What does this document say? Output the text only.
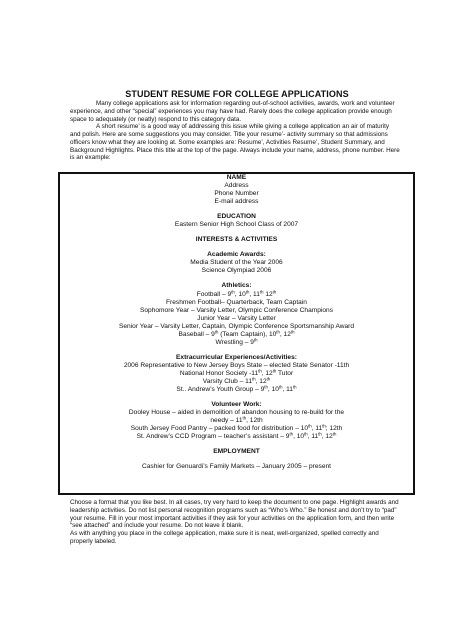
STUDENT RESUME FOR COLLEGE APPLICATIONS

Many college applications ask for information regarding out-of-school activities, awards, work and volunteer experience, and other “special” experiences you may have had. Rarely does the college application provide enough space to adequately (or neatly) respond to this category data.

A short resume’ is a good way of addressing this issue while giving a college application an air of maturity and polish. Here are some suggestions you may consider. Title your resume’- activity summary so that admissions officers know what they are looking at. Some examples are: Resume’, Activities Resume’, Student Summary, and Background Highlights. Place this title at the top of the page. Always include your name, address, phone number. Here is an example:

NAME
Address
Phone Number
E-mail address
EDUCATION
Eastern Senior High School Class of 2007
INTERESTS & ACTIVITIES
Academic Awards:
Media Student of the Year 2006
Science Olympiad 2006
Athletics:
Football – 9th, 10th, 11th 12th
Freshmen Football– Quarterback, Team Captain
Sophomore Year – Varsity Letter, Olympic Conference Champions
Junior Year – Varsity Letter
Senior Year – Varsity Letter, Captain, Olympic Conference Sportsmanship Award
Baseball – 9th (Team Captain), 10th, 12th
Wrestling – 9th
Extracurricular Experiences/Activities:
2006 Representative to New Jersey Boys State – elected State Senator -11th
National Honor Society -11th, 12th Tutor
Varsity Club – 11th, 12th
St.. Andrew’s Youth Group – 9th, 10th, 11th
Volunteer Work:
Dooley House – aided in demolition of abandon housing to re-build for the
needy – 11th, 12th
South Jersey Food Pantry – packed food for distribution – 10th, 11th; 12th
St. Andrew’s CCD Program – teacher’s assistant – 9th, 10th, 11th, 12th
EMPLOYMENT
Cashier for Genuardi’s Family Markets – January 2005 – present
Choose a format that you like best. In all cases, try very hard to keep the document to one page. Highlight awards and leadership activities. Do not list personal recognition programs such as “Who’s Who.” Be honest and don’t try to “pad” your resume. Fill in your most important activities if they ask for your activities on the application form, and then write “see attached” and include your resume. Do not leave it blank.
As with anything you place in the college application, make sure it is neat, well-organized, spelled correctly and properly labeled.
